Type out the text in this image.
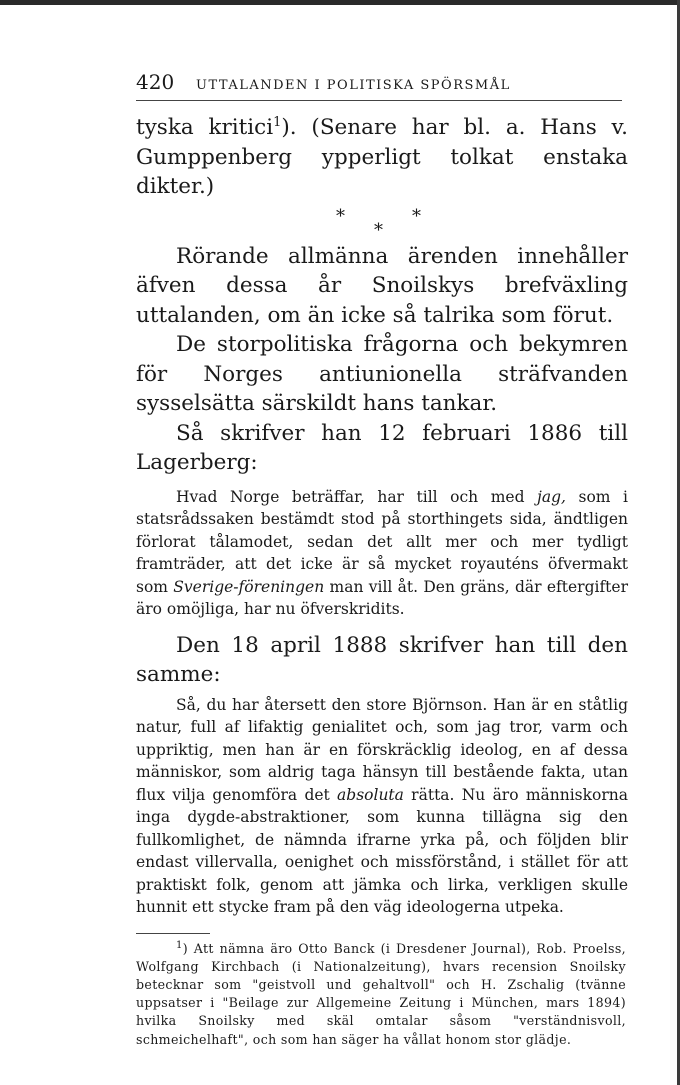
420	UTTALANDEN I POLITISKA SPÖRSMÅL

tyska kritici$^1$). (Senare har bl. a. Hans v. Gumppenberg ypperligt tolkat enstaka dikter.)

*	*
*

Rörande allmänna ärenden innehåller äfven dessa år Snoilskys brefväxling uttalanden, om än icke så talrika som förut.

De storpolitiska frågorna och bekymren för Norges antiunionella sträfvanden sysselsätta särskildt hans tankar.

Så skrifver han 12 februari 1886 till Lagerberg:

Hvad Norge beträffar, har till och med jag, som i statsrådssaken bestämdt stod på storthingets sida, ändtligen förlorat tålamodet, sedan det allt mer och mer tydligt framträder, att det icke är så mycket royauténs öfvermakt som Sverige-föreningen man vill åt. Den gräns, där eftergifter äro omöjliga, har nu öfverskridits.

Den 18 april 1888 skrifver han till den samme:

Så, du har återsett den store Björnson. Han är en ståtlig natur, full af lifaktig genialitet och, som jag tror, varm och uppriktig, men han är en förskräcklig ideolog, en af dessa människor, som aldrig taga hänsyn till bestående fakta, utan flux vilja genomföra det absoluta rätta. Nu äro människorna inga dygde-abstraktioner, som kunna tillägna sig den fullkomlighet, de nämnda ifrarne yrka på, och följden blir endast villervalla, oenighet och missförstånd, i stället för att praktiskt folk, genom att jämka och lirka, verkligen skulle hunnit ett stycke fram på den väg ideologerna utpeka.

$^1$) Att nämna äro Otto Banck (i Dresdener Journal), Rob. Proelss, Wolfgang Kirchbach (i Nationalzeitung), hvars recension Snoilsky betecknar som "geistvoll und gehaltvoll" och H. Zschalig (tvänne uppsatser i "Beilage zur Allgemeine Zeitung i München, mars 1894) hvilka Snoilsky med skäl omtalar såsom "verständnisvoll, schmeichelhaft", och som han säger ha vållat honom stor glädje.
